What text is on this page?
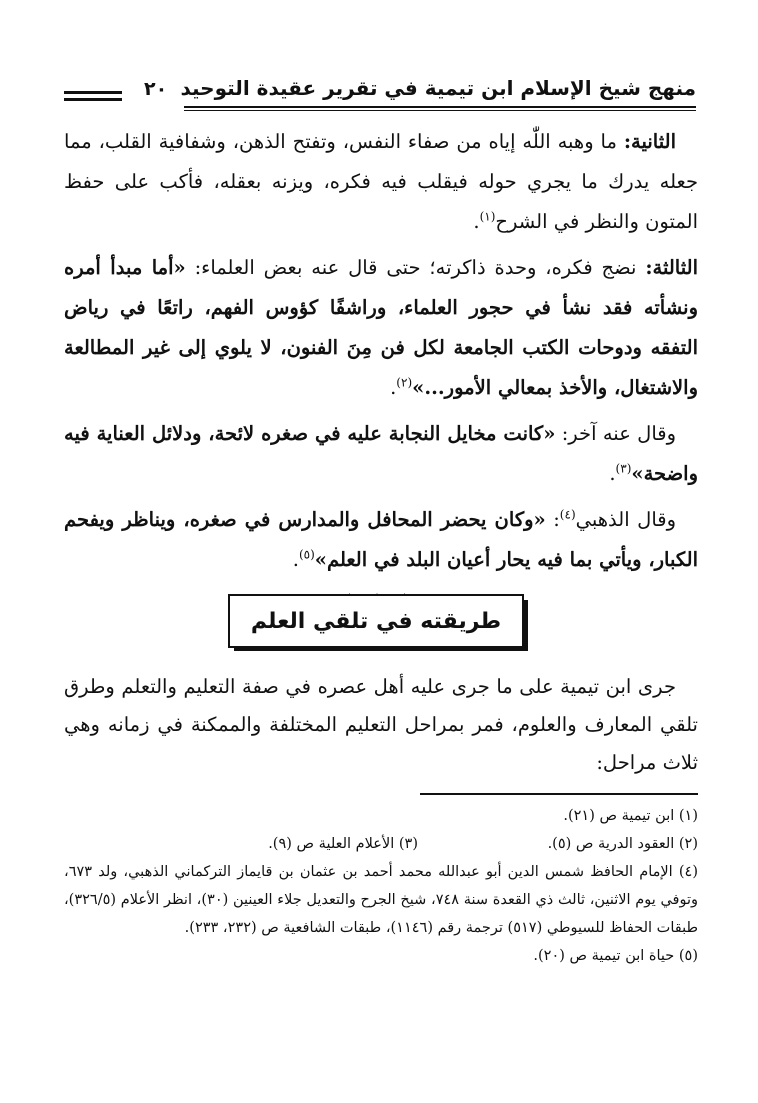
منهج شيخ الإسلام ابن تيمية في تقرير عقيدة التوحيد
٢٠

الثانية: ما وهبه اللّٰه إياه من صفاء النفس، وتفتح الذهن، وشفافية القلب، مما جعله يدرك ما يجري حوله فيقلب فيه فكره، ويزنه بعقله، فأكب على حفظ المتون والنظر في الشرح$^{(١)}$.

الثالثة: نضج فكره، وحدة ذاكرته؛ حتى قال عنه بعض العلماء: «أما مبدأ أمره ونشأته فقد نشأ في حجور العلماء، وراشفًا كؤوس الفهم، راتعًا في رياض التفقه ودوحات الكتب الجامعة لكل فن مِنَ الفنون، لا يلوي إلى غير المطالعة والاشتغال، والأخذ بمعالي الأمور...»$^{(٢)}$.

وقال عنه آخر: «كانت مخايل النجابة عليه في صغره لائحة، ودلائل العناية فيه واضحة»$^{(٣)}$.

وقال الذهبي$^{(٤)}$: «وكان يحضر المحافل والمدارس في صغره، ويناظر ويفحم الكبار، ويأتي بما فيه يحار أعيان البلد في العلم»$^{(٥)}$.

طريقته في تلقي العلم

جرى ابن تيمية على ما جرى عليه أهل عصره في صفة التعليم والتعلم وطرق تلقي المعارف والعلوم، فمر بمراحل التعليم المختلفة والممكنة في زمانه وهي ثلاث مراحل:

(١) ابن تيمية ص (٢١).

(٢) العقود الدرية ص (٥).

(٣) الأعلام العلية ص (٩).

(٤) الإمام الحافظ شمس الدين أبو عبدالله محمد أحمد بن عثمان بن قايماز التركماني الذهبي، ولد ٦٧٣، وتوفي يوم الاثنين، ثالث ذي القعدة سنة ٧٤٨، شيخ الجرح والتعديل جلاء العينين (٣٠)، انظر الأعلام (٣٢٦/٥)، طبقات الحفاظ للسيوطي (٥١٧) ترجمة رقم (١١٤٦)، طبقات الشافعية ص (٢٣٢، ٢٣٣).

(٥) حياة ابن تيمية ص (٢٠).
